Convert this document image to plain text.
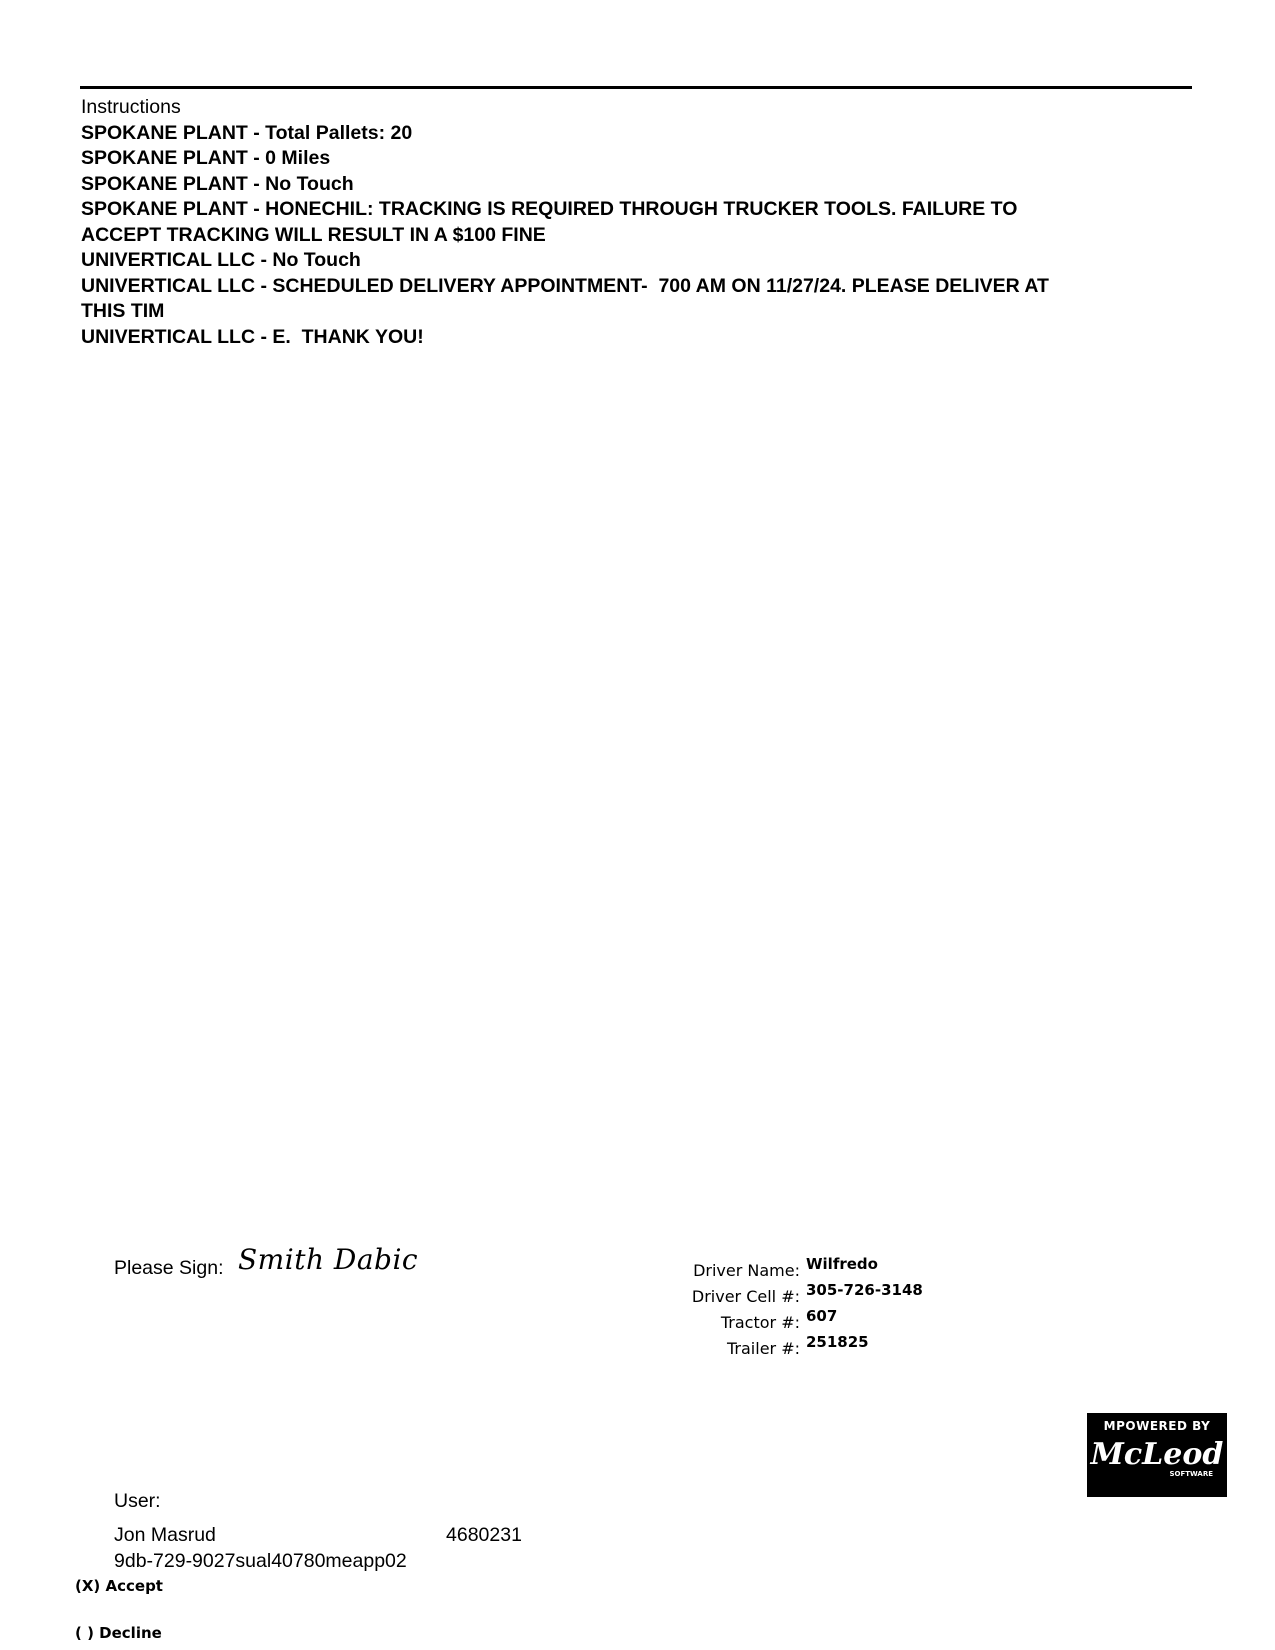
Instructions
SPOKANE PLANT - Total Pallets: 20
SPOKANE PLANT - 0 Miles
SPOKANE PLANT - No Touch
SPOKANE PLANT - HONECHIL: TRACKING IS REQUIRED THROUGH TRUCKER TOOLS. FAILURE TO
ACCEPT TRACKING WILL RESULT IN A $100 FINE
UNIVERTICAL LLC - No Touch
UNIVERTICAL LLC - SCHEDULED DELIVERY APPOINTMENT-  700 AM ON 11/27/24. PLEASE DELIVER AT
THIS TIM
UNIVERTICAL LLC - E.  THANK YOU!
Please Sign: Smith Dabic	Driver Name: Wilfredo
Driver Cell #: 305-726-3148
Tractor #: 607
Trailer #: 251825
MPOWERED BY
McLeod
SOFTWARE
User:
Jon Masrud	4680231
9db-729-9027sual40780meapp02
(X) Accept
( ) Decline
